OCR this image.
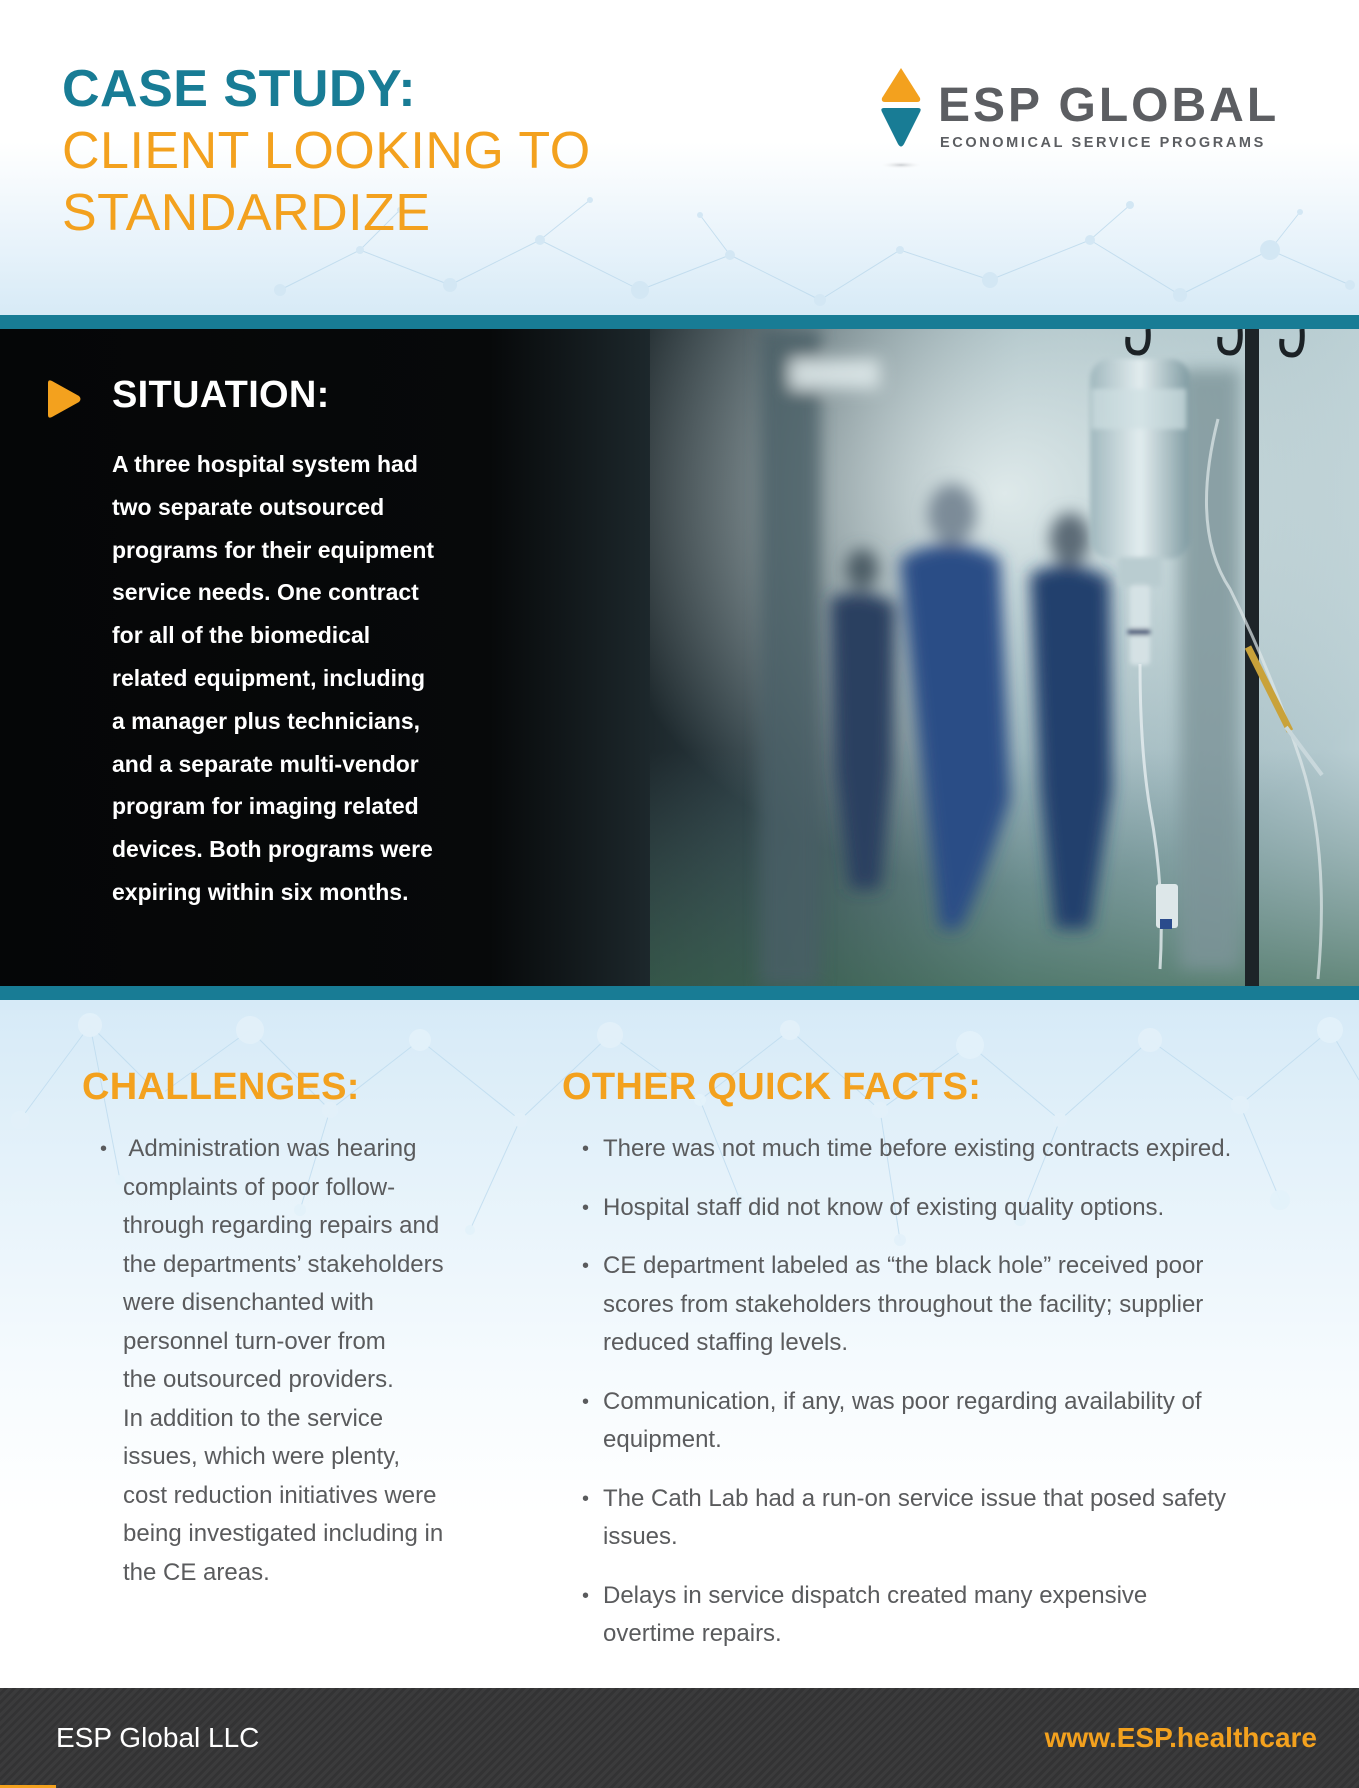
CASE STUDY:
CLIENT LOOKING TO
STANDARDIZE
ESP GLOBAL
ECONOMICAL SERVICE PROGRAMS
SITUATION:
A three hospital system had
two separate outsourced
programs for their equipment
service needs. One contract
for all of the biomedical
related equipment, including
a manager plus technicians,
and a separate multi-vendor
program for imaging related
devices. Both programs were
expiring within six months.
CHALLENGES:
• Administration was hearing
complaints of poor follow-
through regarding repairs and
the departments’ stakeholders
were disenchanted with
personnel turn-over from
the outsourced providers.
In addition to the service
issues, which were plenty,
cost reduction initiatives were
being investigated including in
the CE areas.
OTHER QUICK FACTS:
• There was not much time before existing contracts expired.
• Hospital staff did not know of existing quality options.
• CE department labeled as “the black hole” received poor
scores from stakeholders throughout the facility; supplier
reduced staffing levels.
• Communication, if any, was poor regarding availability of
equipment.
• The Cath Lab had a run-on service issue that posed safety
issues.
• Delays in service dispatch created many expensive
overtime repairs.
ESP Global LLC	www.ESP.healthcare
